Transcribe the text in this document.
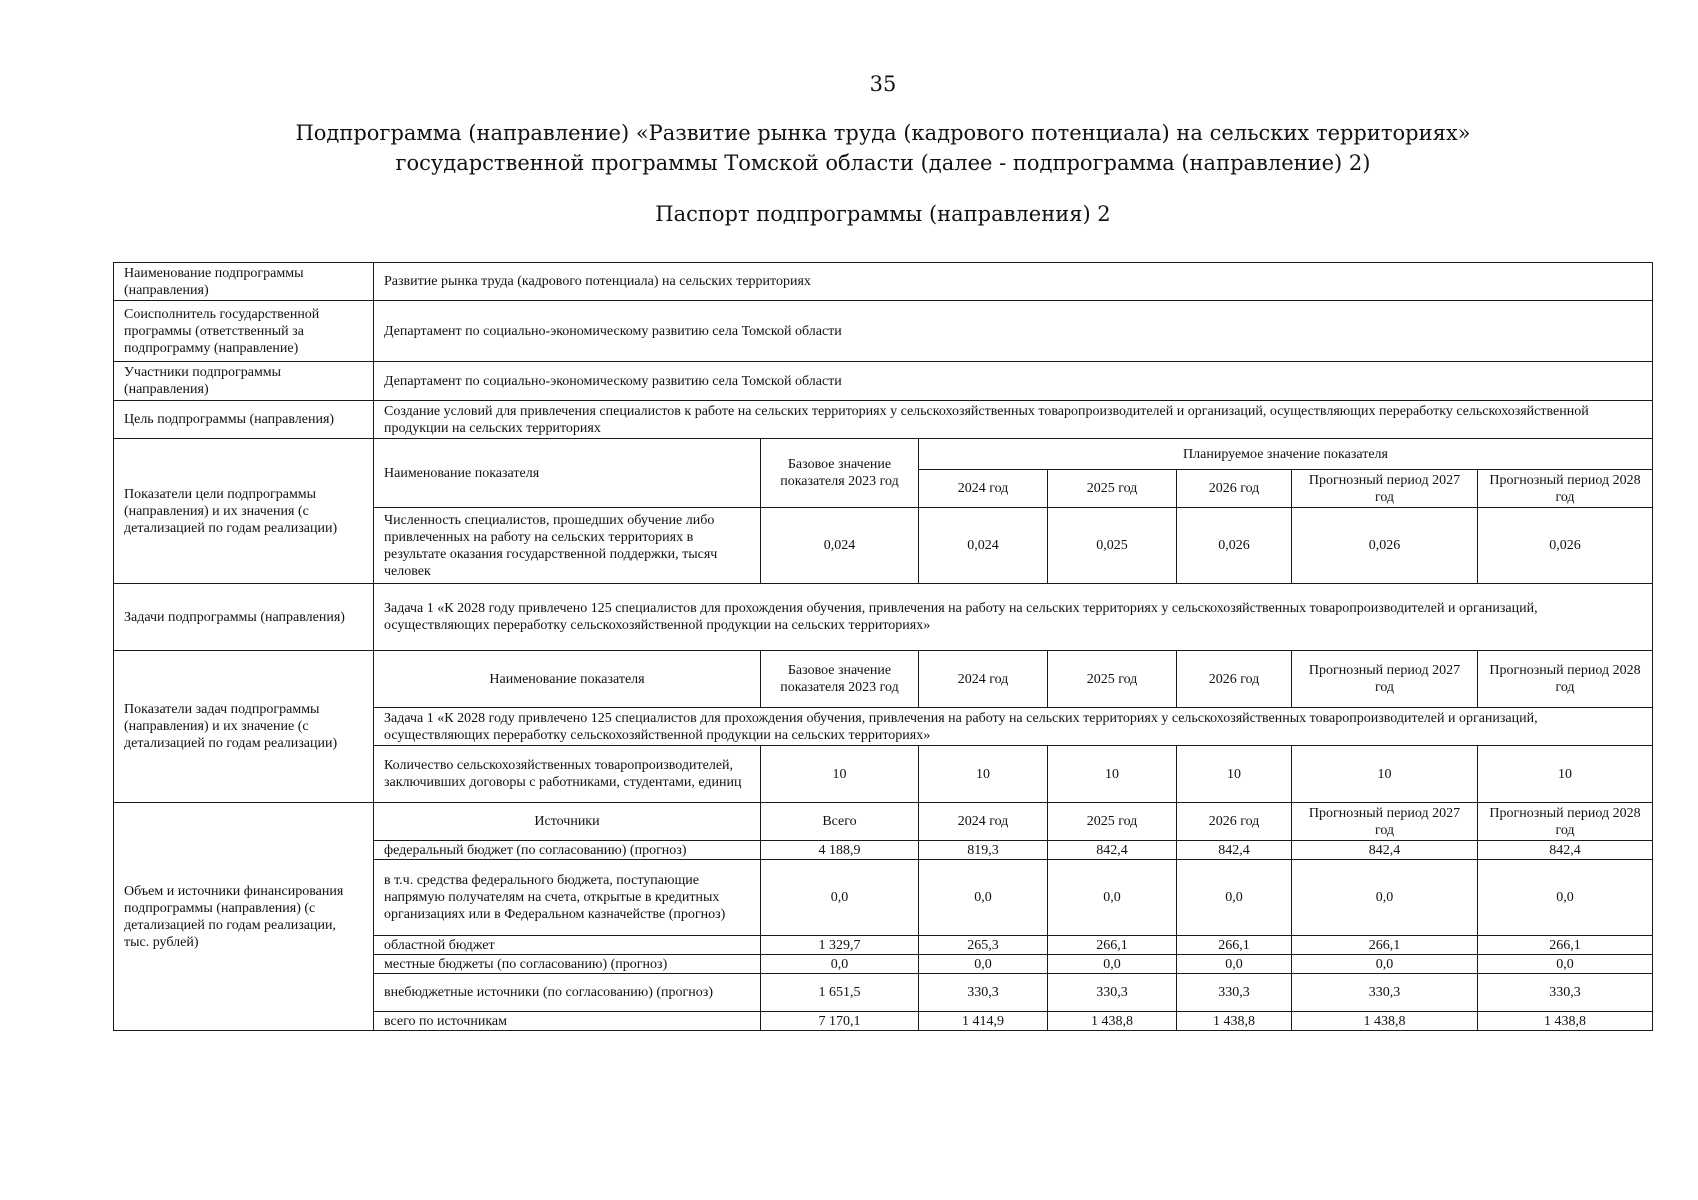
35
Подпрограмма (направление) «Развитие рынка труда (кадрового потенциала) на сельских территориях»
государственной программы Томской области (далее - подпрограмма (направление) 2)
Паспорт подпрограммы (направления) 2
Наименование подпрограммы (направления)	Развитие рынка труда (кадрового потенциала) на сельских территориях						
Соисполнитель государственной программы (ответственный за подпрограмму (направление)	Департамент по социально-экономическому развитию села Томской области						
Участники подпрограммы (направления)	Департамент по социально-экономическому развитию села Томской области						
Цель подпрограммы (направления)	Создание условий для привлечения специалистов к работе на сельских территориях у сельскохозяйственных товаропроизводителей и организаций, осуществляющих переработку сельскохозяйственной продукции на сельских территориях						
Показатели цели подпрограммы (направления) и их значения (с детализацией по годам реализации)	Наименование показателя	Базовое значение показателя 2023 год	Планируемое значение показателя				
			2024 год	2025 год	2026 год	Прогнозный период 2027 год	Прогнозный период 2028 год
	Численность специалистов, прошедших обучение либо привлеченных на работу на сельских территориях в результате оказания государственной поддержки, тысяч человек	0,024	0,024	0,025	0,026	0,026	0,026
Задачи подпрограммы (направления)	Задача 1 «К 2028 году привлечено 125 специалистов для прохождения обучения, привлечения на работу на сельских территориях у сельскохозяйственных товаропроизводителей и организаций, осуществляющих переработку сельскохозяйственной продукции на сельских территориях»						
Показатели задач подпрограммы (направления) и их значение (с детализацией по годам реализации)	Наименование показателя	Базовое значение показателя 2023 год	2024 год	2025 год	2026 год	Прогнозный период 2027 год	Прогнозный период 2028 год
	Задача 1 «К 2028 году привлечено 125 специалистов для прохождения обучения, привлечения на работу на сельских территориях у сельскохозяйственных товаропроизводителей и организаций, осуществляющих переработку сельскохозяйственной продукции на сельских территориях»						
	Количество сельскохозяйственных товаропроизводителей, заключивших договоры с работниками, студентами, единиц	10	10	10	10	10	10
Объем и источники финансирования подпрограммы (направления) (с детализацией по годам реализации, тыс. рублей)	Источники	Всего	2024 год	2025 год	2026 год	Прогнозный период 2027 год	Прогнозный период 2028 год
	федеральный бюджет (по согласованию) (прогноз)	4 188,9	819,3	842,4	842,4	842,4	842,4
	в т.ч. средства федерального бюджета, поступающие напрямую получателям на счета, открытые в кредитных организациях или в Федеральном казначействе (прогноз)	0,0	0,0	0,0	0,0	0,0	0,0
	областной бюджет	1 329,7	265,3	266,1	266,1	266,1	266,1
	местные бюджеты (по согласованию) (прогноз)	0,0	0,0	0,0	0,0	0,0	0,0
	внебюджетные источники (по согласованию) (прогноз)	1 651,5	330,3	330,3	330,3	330,3	330,3
	всего по источникам	7 170,1	1 414,9	1 438,8	1 438,8	1 438,8	1 438,8
